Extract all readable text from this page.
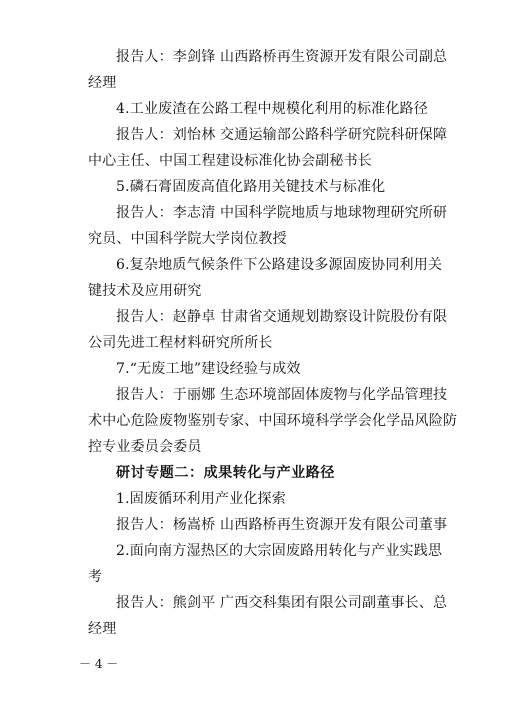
报告人：李剑锋 山西路桥再生资源开发有限公司副总
经理
4.工业废渣在公路工程中规模化利用的标准化路径
报告人：刘怡林 交通运输部公路科学研究院科研保障
中心主任、中国工程建设标准化协会副秘书长
5.磷石膏固废高值化路用关键技术与标准化
报告人：李志清 中国科学院地质与地球物理研究所研
究员、中国科学院大学岗位教授
6.复杂地质气候条件下公路建设多源固废协同利用关
键技术及应用研究
报告人：赵静卓 甘肃省交通规划勘察设计院股份有限
公司先进工程材料研究所所长
7.“无废工地”建设经验与成效
报告人：于丽娜 生态环境部固体废物与化学品管理技
术中心危险废物鉴别专家、中国环境科学学会化学品风险防
控专业委员会委员
研讨专题二：成果转化与产业路径
1.固废循环利用产业化探索
报告人：杨嵩桥 山西路桥再生资源开发有限公司董事
2.面向南方湿热区的大宗固废路用转化与产业实践思
考
报告人：熊剑平 广西交科集团有限公司副董事长、总
经理
－ 4 －
